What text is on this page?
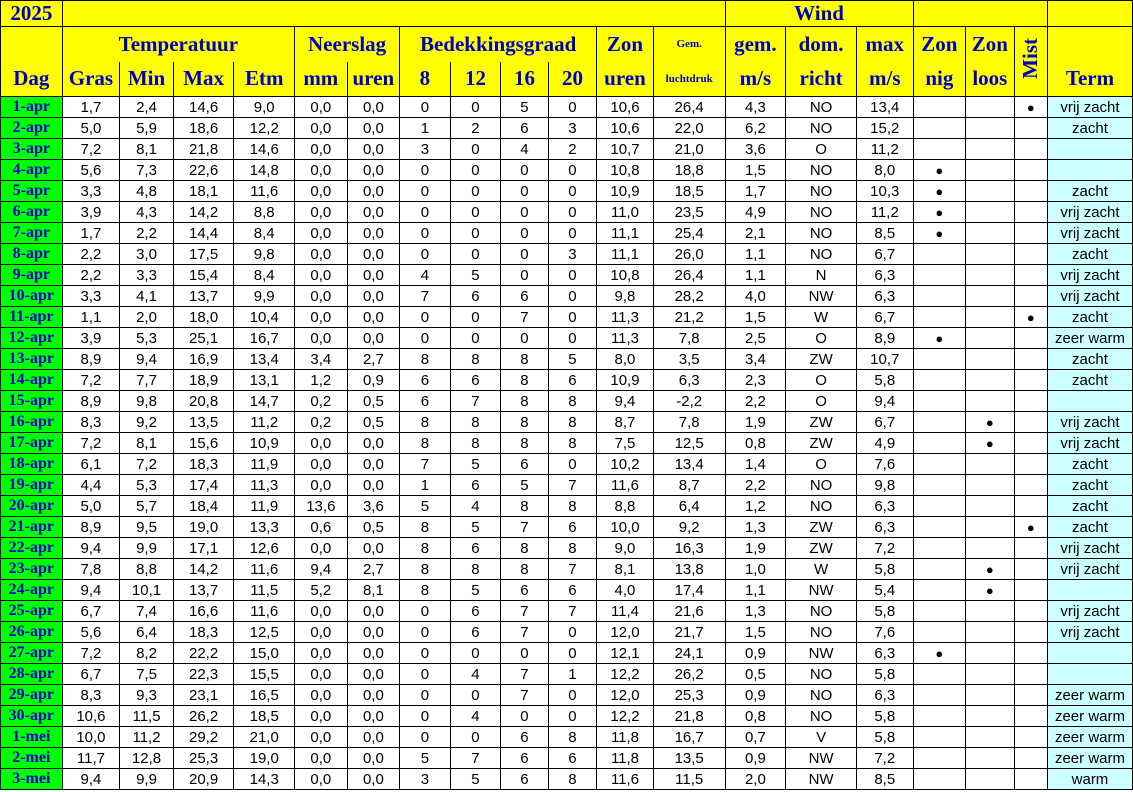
2025													Wind						
	Temperatuur				Neerslag		Bedekkingsgraad				Zon	Gem.	gem.	dom.	max	Zon	Zon	Mist	
Dag	Gras	Min	Max	Etm	mm	uren	8	12	16	20	uren	luchtdruk	m/s	richt	m/s	nig	loos		Term
1-apr	1,7	2,4	14,6	9,0	0,0	0,0	0	0	5	0	10,6	26,4	4,3	NO	13,4			●	vrij zacht
2-apr	5,0	5,9	18,6	12,2	0,0	0,0	1	2	6	3	10,6	22,0	6,2	NO	15,2				zacht
3-apr	7,2	8,1	21,8	14,6	0,0	0,0	3	0	4	2	10,7	21,0	3,6	O	11,2				
4-apr	5,6	7,3	22,6	14,8	0,0	0,0	0	0	0	0	10,8	18,8	1,5	NO	8,0	●			
5-apr	3,3	4,8	18,1	11,6	0,0	0,0	0	0	0	0	10,9	18,5	1,7	NO	10,3	●			zacht
6-apr	3,9	4,3	14,2	8,8	0,0	0,0	0	0	0	0	11,0	23,5	4,9	NO	11,2	●			vrij zacht
7-apr	1,7	2,2	14,4	8,4	0,0	0,0	0	0	0	0	11,1	25,4	2,1	NO	8,5	●			vrij zacht
8-apr	2,2	3,0	17,5	9,8	0,0	0,0	0	0	0	3	11,1	26,0	1,1	NO	6,7				zacht
9-apr	2,2	3,3	15,4	8,4	0,0	0,0	4	5	0	0	10,8	26,4	1,1	N	6,3				vrij zacht
10-apr	3,3	4,1	13,7	9,9	0,0	0,0	7	6	6	0	9,8	28,2	4,0	NW	6,3				vrij zacht
11-apr	1,1	2,0	18,0	10,4	0,0	0,0	0	0	7	0	11,3	21,2	1,5	W	6,7			●	zacht
12-apr	3,9	5,3	25,1	16,7	0,0	0,0	0	0	0	0	11,3	7,8	2,5	O	8,9	●			zeer warm
13-apr	8,9	9,4	16,9	13,4	3,4	2,7	8	8	8	5	8,0	3,5	3,4	ZW	10,7				zacht
14-apr	7,2	7,7	18,9	13,1	1,2	0,9	6	6	8	6	10,9	6,3	2,3	O	5,8				zacht
15-apr	8,9	9,8	20,8	14,7	0,2	0,5	6	7	8	8	9,4	-2,2	2,2	O	9,4				
16-apr	8,3	9,2	13,5	11,2	0,2	0,5	8	8	8	8	8,7	7,8	1,9	ZW	6,7		●		vrij zacht
17-apr	7,2	8,1	15,6	10,9	0,0	0,0	8	8	8	8	7,5	12,5	0,8	ZW	4,9		●		vrij zacht
18-apr	6,1	7,2	18,3	11,9	0,0	0,0	7	5	6	0	10,2	13,4	1,4	O	7,6				zacht
19-apr	4,4	5,3	17,4	11,3	0,0	0,0	1	6	5	7	11,6	8,7	2,2	NO	9,8				zacht
20-apr	5,0	5,7	18,4	11,9	13,6	3,6	5	4	8	8	8,8	6,4	1,2	NO	6,3				zacht
21-apr	8,9	9,5	19,0	13,3	0,6	0,5	8	5	7	6	10,0	9,2	1,3	ZW	6,3			●	zacht
22-apr	9,4	9,9	17,1	12,6	0,0	0,0	8	6	8	8	9,0	16,3	1,9	ZW	7,2				vrij zacht
23-apr	7,8	8,8	14,2	11,6	9,4	2,7	8	8	8	7	8,1	13,8	1,0	W	5,8		●		vrij zacht
24-apr	9,4	10,1	13,7	11,5	5,2	8,1	8	5	6	6	4,0	17,4	1,1	NW	5,4		●		
25-apr	6,7	7,4	16,6	11,6	0,0	0,0	0	6	7	7	11,4	21,6	1,3	NO	5,8				vrij zacht
26-apr	5,6	6,4	18,3	12,5	0,0	0,0	0	6	7	0	12,0	21,7	1,5	NO	7,6				vrij zacht
27-apr	7,2	8,2	22,2	15,0	0,0	0,0	0	0	0	0	12,1	24,1	0,9	NW	6,3	●			
28-apr	6,7	7,5	22,3	15,5	0,0	0,0	0	4	7	1	12,2	26,2	0,5	NO	5,8				
29-apr	8,3	9,3	23,1	16,5	0,0	0,0	0	0	7	0	12,0	25,3	0,9	NO	6,3				zeer warm
30-apr	10,6	11,5	26,2	18,5	0,0	0,0	0	4	0	0	12,2	21,8	0,8	NO	5,8				zeer warm
1-mei	10,0	11,2	29,2	21,0	0,0	0,0	0	0	6	8	11,8	16,7	0,7	V	5,8				zeer warm
2-mei	11,7	12,8	25,3	19,0	0,0	0,0	5	7	6	6	11,8	13,5	0,9	NW	7,2				zeer warm
3-mei	9,4	9,9	20,9	14,3	0,0	0,0	3	5	6	8	11,6	11,5	2,0	NW	8,5				warm
